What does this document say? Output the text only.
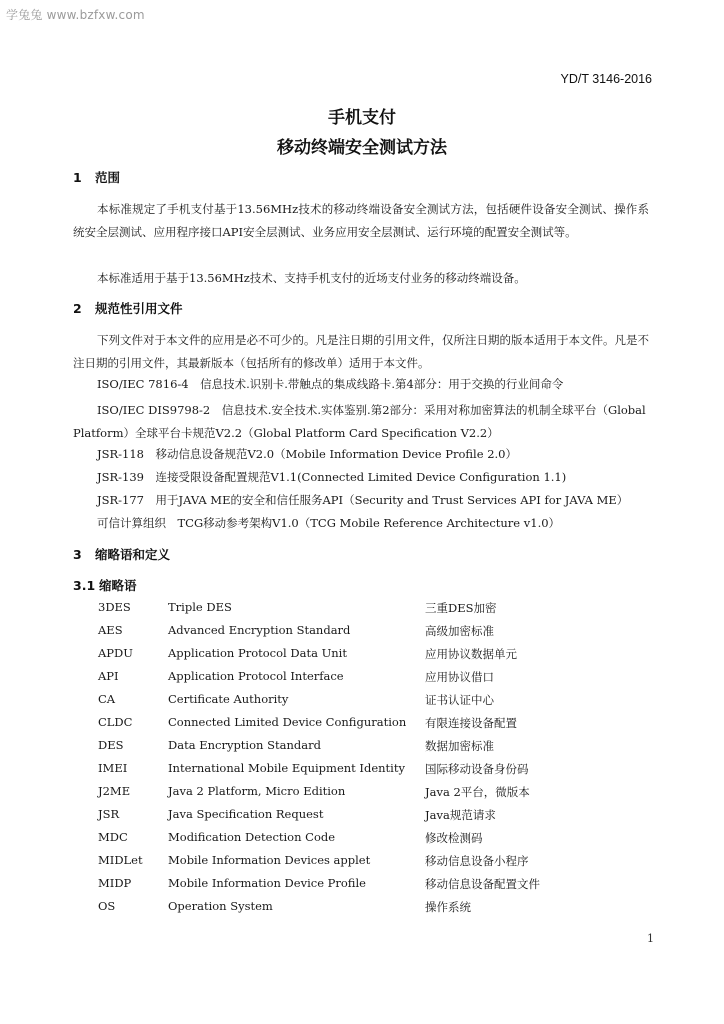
学兔兔 www.bzfxw.com
YD/T 3146-2016
手机支付
移动终端安全测试方法
1 范围

本标准规定了手机支付基于13.56MHz技术的移动终端设备安全测试方法，包括硬件设备安全测试、操作系统安全层测试、应用程序接口API安全层测试、业务应用安全层测试、运行环境的配置安全测试等。

本标准适用于基于13.56MHz技术、支持手机支付的近场支付业务的移动终端设备。

2 规范性引用文件

下列文件对于本文件的应用是必不可少的。凡是注日期的引用文件，仅所注日期的版本适用于本文件。凡是不注日期的引用文件，其最新版本（包括所有的修改单）适用于本文件。

ISO/IEC 7816-4　信息技术.识别卡.带触点的集成线路卡.第4部分：用于交换的行业间命令

ISO/IEC DIS9798-2　信息技术.安全技术.实体鉴别.第2部分：采用对称加密算法的机制全球平台（Global Platform）全球平台卡规范V2.2（Global Platform Card Specification V2.2）

JSR-118　移动信息设备规范V2.0（Mobile Information Device Profile 2.0）
JSR-139　连接受限设备配置规范V1.1(Connected Limited Device Configuration 1.1)
JSR-177　用于JAVA ME的安全和信任服务API（Security and Trust Services API for JAVA ME）
可信计算组织　TCG移动参考架构V1.0（TCG Mobile Reference Architecture v1.0）
3 缩略语和定义
3.1 缩略语
3DES	Triple DES	三重DES加密
AES	Advanced Encryption Standard	高级加密标准
APDU	Application Protocol Data Unit	应用协议数据单元
API	Application Protocol Interface	应用协议借口
CA	Certificate Authority	证书认证中心
CLDC	Connected Limited Device Configuration 有限连接设备配置
DES	Data Encryption Standard	数据加密标准
IMEI	International Mobile Equipment Identity 国际移动设备身份码
J2ME	Java 2 Platform, Micro Edition	Java 2平台，微版本
JSR	Java Specification Request	Java规范请求
MDC	Modification Detection Code	修改检测码
MIDLet Mobile Information Devices applet	移动信息设备小程序
MIDP	Mobile Information Device Profile	移动信息设备配置文件
OS	Operation System	操作系统
1
